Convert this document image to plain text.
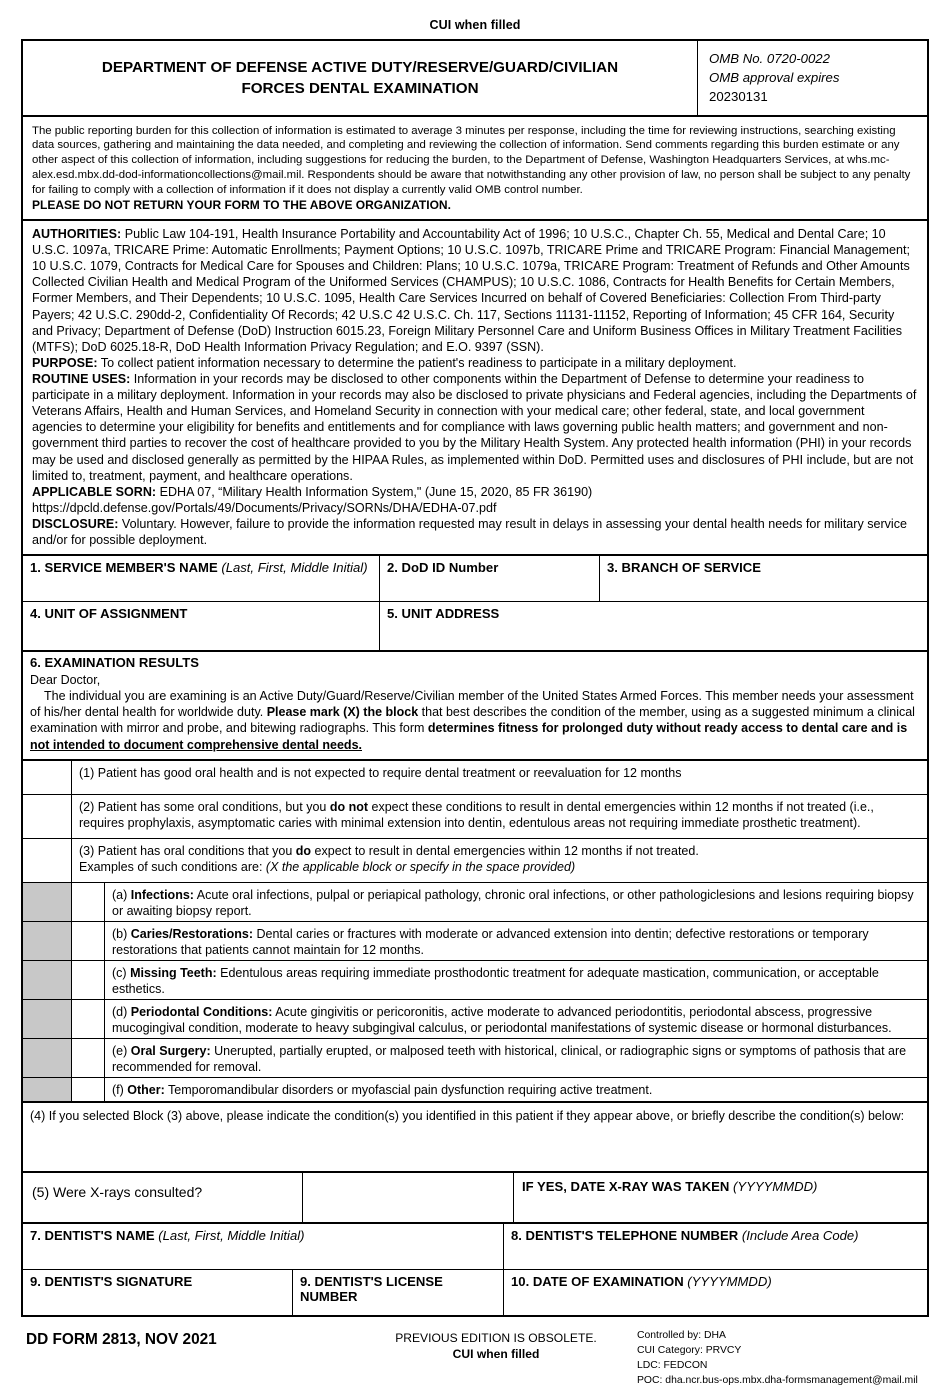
CUI when filled
DEPARTMENT OF DEFENSE ACTIVE DUTY/RESERVE/GUARD/CIVILIAN
FORCES DENTAL EXAMINATION
OMB No. 0720-0022
OMB approval expires
20230131
The public reporting burden for this collection of information is estimated to average 3 minutes per response, including the time for reviewing instructions, searching existing data sources, gathering and maintaining the data needed, and completing and reviewing the collection of information. Send comments regarding this burden estimate or any other aspect of this collection of information, including suggestions for reducing the burden, to the Department of Defense, Washington Headquarters Services, at whs.mc-alex.esd.mbx.dd-dod-informationcollections@mail.mil. Respondents should be aware that notwithstanding any other provision of law, no person shall be subject to any penalty for failing to comply with a collection of information if it does not display a currently valid OMB control number.
PLEASE DO NOT RETURN YOUR FORM TO THE ABOVE ORGANIZATION.

AUTHORITIES: Public Law 104-191, Health Insurance Portability and Accountability Act of 1996; 10 U.S.C., Chapter Ch. 55, Medical and Dental Care; 10 U.S.C. 1097a, TRICARE Prime: Automatic Enrollments; Payment Options; 10 U.S.C. 1097b, TRICARE Prime and TRICARE Program: Financial Management; 10 U.S.C. 1079, Contracts for Medical Care for Spouses and Children: Plans; 10 U.S.C. 1079a, TRICARE Program: Treatment of Refunds and Other Amounts Collected Civilian Health and Medical Program of the Uniformed Services (CHAMPUS); 10 U.S.C. 1086, Contracts for Health Benefits for Certain Members, Former Members, and Their Dependents; 10 U.S.C. 1095, Health Care Services Incurred on behalf of Covered Beneficiaries: Collection From Third-party Payers; 42 U.S.C. 290dd-2, Confidentiality Of Records; 42 U.S.C 42 U.S.C. Ch. 117, Sections 11131-11152, Reporting of Information; 45 CFR 164, Security and Privacy; Department of Defense (DoD) Instruction 6015.23, Foreign Military Personnel Care and Uniform Business Offices in Military Treatment Facilities (MTFS); DoD 6025.18-R, DoD Health Information Privacy Regulation; and E.O. 9397 (SSN).

PURPOSE: To collect patient information necessary to determine the patient's readiness to participate in a military deployment.

ROUTINE USES: Information in your records may be disclosed to other components within the Department of Defense to determine your readiness to participate in a military deployment. Information in your records may also be disclosed to private physicians and Federal agencies, including the Departments of Veterans Affairs, Health and Human Services, and Homeland Security in connection with your medical care; other federal, state, and local government agencies to determine your eligibility for benefits and entitlements and for compliance with laws governing public health matters; and government and non-government third parties to recover the cost of healthcare provided to you by the Military Health System. Any protected health information (PHI) in your records may be used and disclosed generally as permitted by the HIPAA Rules, as implemented within DoD. Permitted uses and disclosures of PHI include, but are not limited to, treatment, payment, and healthcare operations.

APPLICABLE SORN: EDHA 07, “Military Health Information System," (June 15, 2020, 85 FR 36190) https://dpcld.defense.gov/Portals/49/Documents/Privacy/SORNs/DHA/EDHA-07.pdf

DISCLOSURE: Voluntary. However, failure to provide the information requested may result in delays in assessing your dental health needs for military service and/or for possible deployment.

1. SERVICE MEMBER'S NAME (Last, First, Middle Initial)	2. DoD ID Number	3. BRANCH OF SERVICE
4. UNIT OF ASSIGNMENT	5. UNIT ADDRESS
6. EXAMINATION RESULTS
Dear Doctor,
The individual you are examining is an Active Duty/Guard/Reserve/Civilian member of the United States Armed Forces. This member needs your assessment of his/her dental health for worldwide duty. Please mark (X) the block that best describes the condition of the member, using as a suggested minimum a clinical examination with mirror and probe, and bitewing radiographs. This form determines fitness for prolonged duty without ready access to dental care and is not intended to document comprehensive dental needs.
(1) Patient has good oral health and is not expected to require dental treatment or reevaluation for 12 months
(2) Patient has some oral conditions, but you do not expect these conditions to result in dental emergencies within 12 months if not treated (i.e., requires prophylaxis, asymptomatic caries with minimal extension into dentin, edentulous areas not requiring immediate prosthetic treatment).
(3) Patient has oral conditions that you do expect to result in dental emergencies within 12 months if not treated.
Examples of such conditions are: (X the applicable block or specify in the space provided)
(a) Infections: Acute oral infections, pulpal or periapical pathology, chronic oral infections, or other pathologiclesions and lesions requiring biopsy or awaiting biopsy report.
(b) Caries/Restorations: Dental caries or fractures with moderate or advanced extension into dentin; defective restorations or temporary restorations that patients cannot maintain for 12 months.
(c) Missing Teeth: Edentulous areas requiring immediate prosthodontic treatment for adequate mastication, communication, or acceptable esthetics.
(d) Periodontal Conditions: Acute gingivitis or pericoronitis, active moderate to advanced periodontitis, periodontal abscess, progressive mucogingival condition, moderate to heavy subgingival calculus, or periodontal manifestations of systemic disease or hormonal disturbances.
(e) Oral Surgery: Unerupted, partially erupted, or malposed teeth with historical, clinical, or radiographic signs or symptoms of pathosis that are recommended for removal.
(f) Other: Temporomandibular disorders or myofascial pain dysfunction requiring active treatment.
(4) If you selected Block (3) above, please indicate the condition(s) you identified in this patient if they appear above, or briefly describe the condition(s) below:
(5) Were X-rays consulted?	IF YES, DATE X-RAY WAS TAKEN (YYYYMMDD)
7. DENTIST'S NAME (Last, First, Middle Initial)	8. DENTIST'S TELEPHONE NUMBER (Include Area Code)
9. DENTIST'S SIGNATURE	9. DENTIST'S LICENSE NUMBER
10. DATE OF EXAMINATION (YYYYMMDD)
DD FORM 2813, NOV 2021	PREVIOUS EDITION IS OBSOLETE.
CUI when filled
Controlled by: DHA
CUI Category: PRVCY
LDC: FEDCON
POC: dha.ncr.bus-ops.mbx.dha-formsmanagement@mail.mil
